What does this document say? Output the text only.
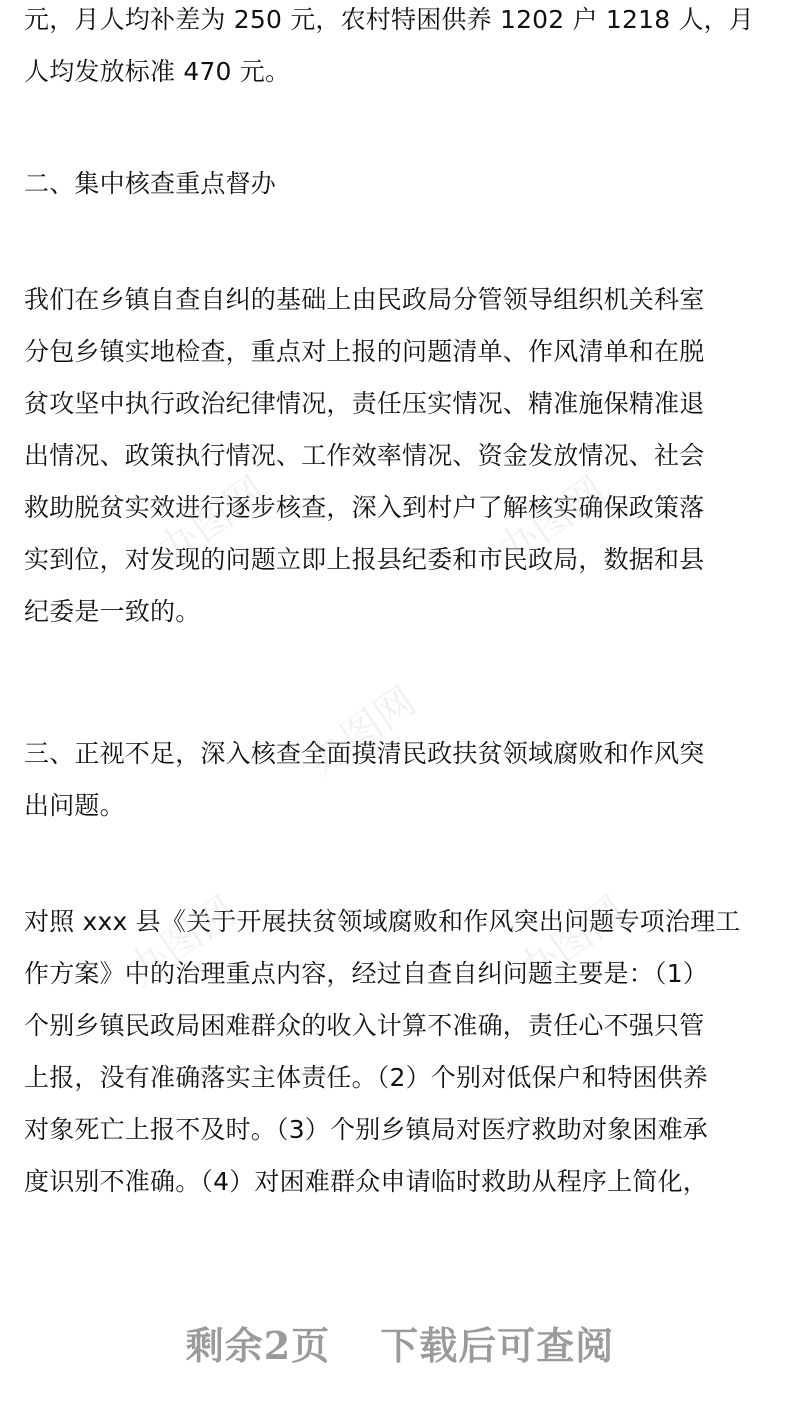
元，月人均补差为 250 元，农村特困供养 1202 户 1218 人，月
人均发放标准 470 元。
二、集中核查重点督办
我们在乡镇自查自纠的基础上由民政局分管领导组织机关科室
分包乡镇实地检查，重点对上报的问题清单、作风清单和在脱
贫攻坚中执行政治纪律情况，责任压实情况、精准施保精准退
出情况、政策执行情况、工作效率情况、资金发放情况、社会
救助脱贫实效进行逐步核查，深入到村户了解核实确保政策落
实到位，对发现的问题立即上报县纪委和市民政局，数据和县
纪委是一致的。
三、正视不足，深入核查全面摸清民政扶贫领域腐败和作风突
出问题。
对照 xxx 县《关于开展扶贫领域腐败和作风突出问题专项治理工
作方案》中的治理重点内容，经过自查自纠问题主要是：（1）
个别乡镇民政局困难群众的收入计算不准确，责任心不强只管
上报，没有准确落实主体责任。（2）个别对低保户和特困供养
对象死亡上报不及时。（3）个别乡镇局对医疗救助对象困难承
度识别不准确。（4）对困难群众申请临时救助从程序上简化，
办图网	办图网
办图网
办图网	办图网
剩余2页 下载后可查阅
